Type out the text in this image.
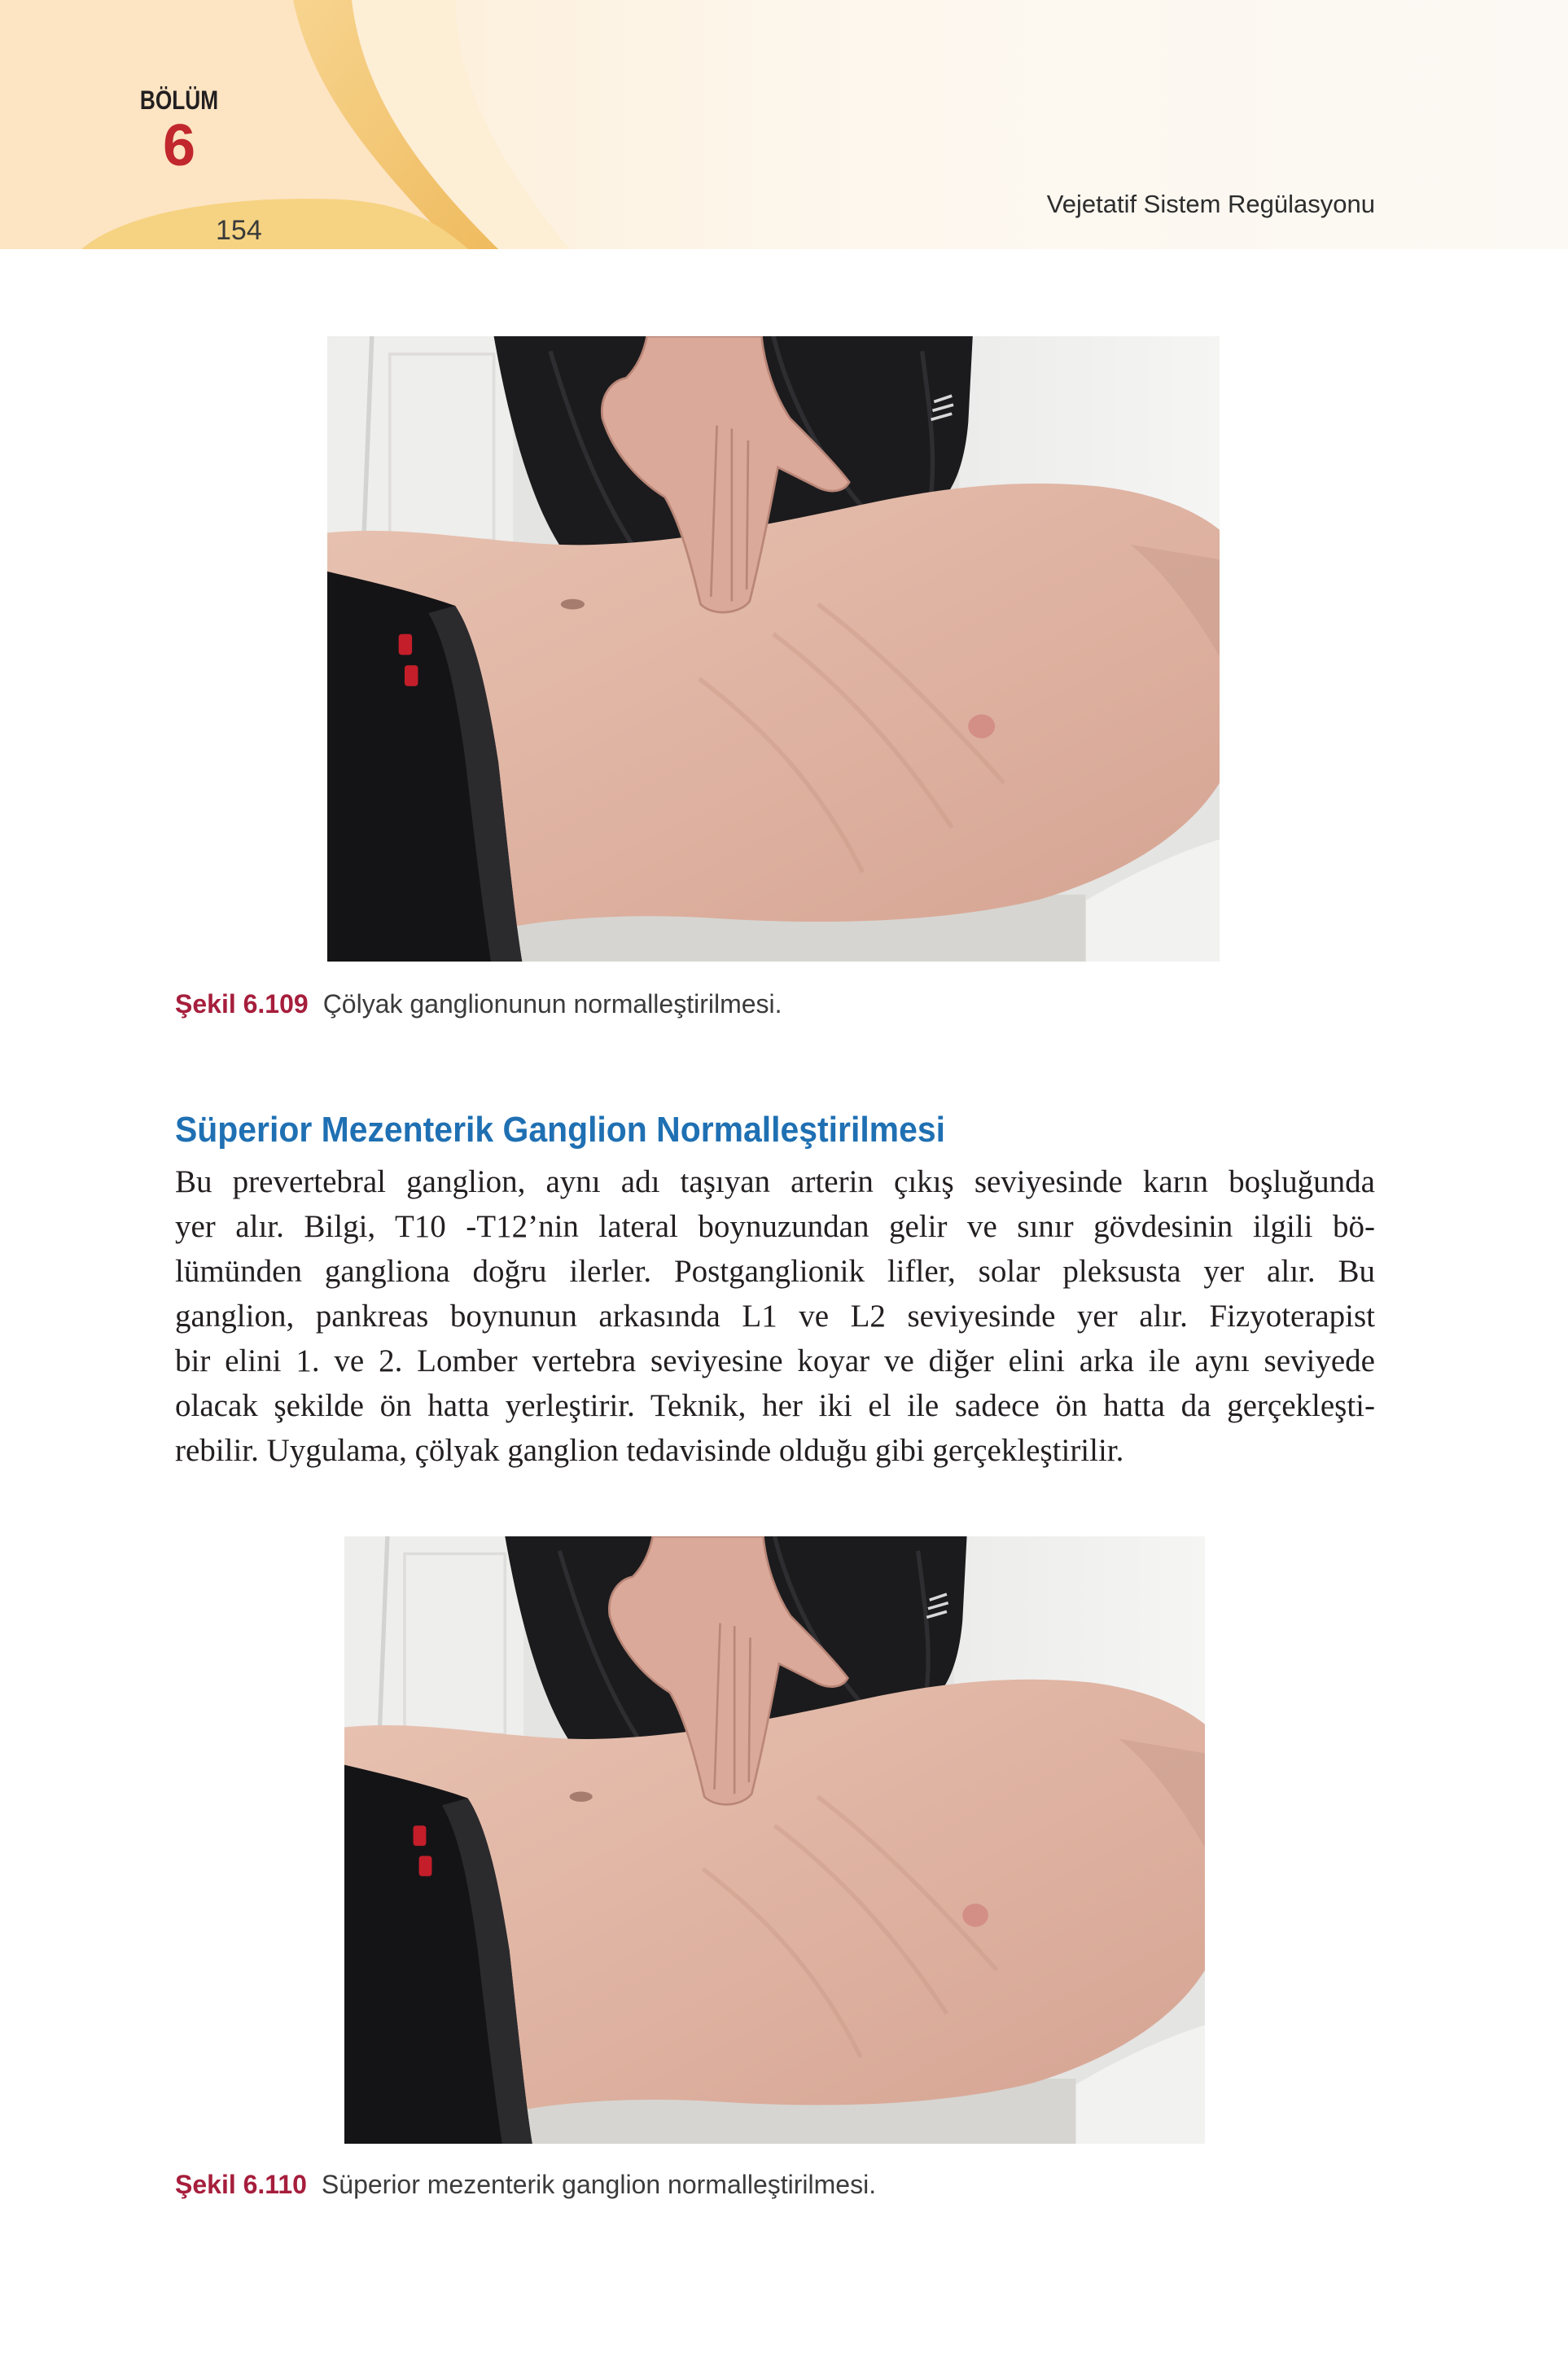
BÖLÜM
6
154
Vejetatif Sistem Regülasyonu
Şekil 6.109 Çölyak ganglionunun normalleştirilmesi.
Süperior Mezenterik Ganglion Normalleştirilmesi
Bu prevertebral ganglion, aynı adı taşıyan arterin çıkış seviyesinde karın boşluğunda
yer alır. Bilgi, T10 -T12’nin lateral boynuzundan gelir ve sınır gövdesinin ilgili bö-
lümünden gangliona doğru ilerler. Postganglionik lifler, solar pleksusta yer alır. Bu
ganglion, pankreas boynunun arkasında L1 ve L2 seviyesinde yer alır. Fizyoterapist
bir elini 1. ve 2. Lomber vertebra seviyesine koyar ve diğer elini arka ile aynı seviyede
olacak şekilde ön hatta yerleştirir. Teknik, her iki el ile sadece ön hatta da gerçekleşti-
rebilir. Uygulama, çölyak ganglion tedavisinde olduğu gibi gerçekleştirilir.
Şekil 6.110 Süperior mezenterik ganglion normalleştirilmesi.
